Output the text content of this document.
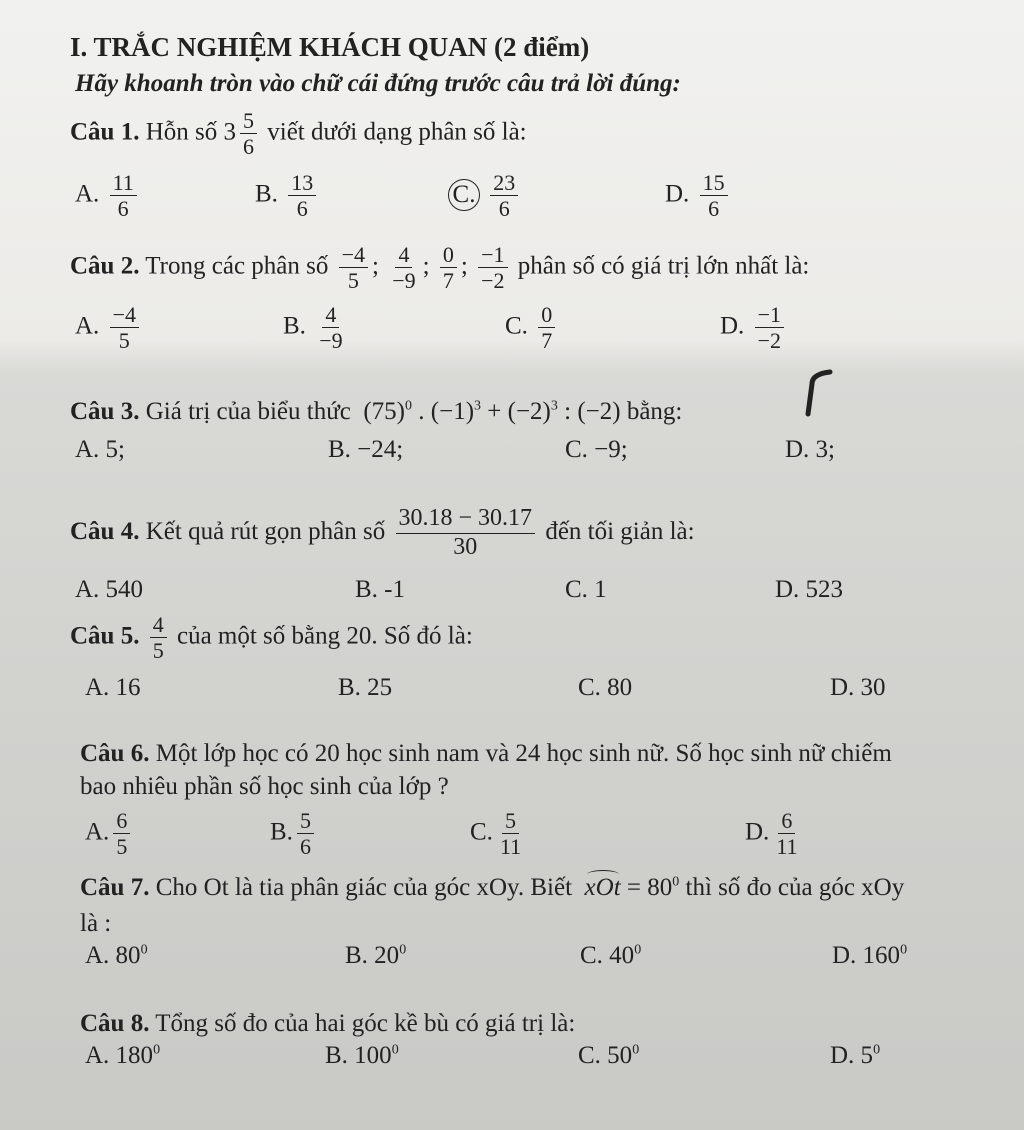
I. TRẮC NGHIỆM KHÁCH QUAN (2 điểm)
Hãy khoanh tròn vào chữ cái đứng trước câu trả lời đúng:
Câu 1. Hỗn số $3 \frac{5}{6}$ viết dưới dạng phân số là:
A. $\frac{11}{6}$	B. $\frac{13}{6}$	C. $\frac{23}{6}$	D. $\frac{15}{6}$
Câu 2. Trong các phân số $\frac{-4}{5}$ ; $\frac{4}{-9}$ ; $\frac{0}{7}$ ; $\frac{-1}{-2}$ phân số có giá trị lớn nhất là:
A. $\frac{-4}{5}$	B. $\frac{4}{-9}$	C. $\frac{0}{7}$	D. $\frac{-1}{-2}$
Câu 3. Giá trị của biểu thức $(75)^0$ . $(-1)^3 + (-2)^3$ : (−2) bằng:
A. 5;	B. −24;	C. −9;	D. 3;
Câu 4. Kết quả rút gọn phân số $\frac{30.18 - 30.17}{30}$ đến tối giản là:
A. 540	B. -1	C. 1	D. 523
Câu 5. $\frac{4}{5}$ của một số bằng 20. Số đó là:
A. 16	B. 25	C. 80	D. 30
Câu 6. Một lớp học có 20 học sinh nam và 24 học sinh nữ. Số học sinh nữ chiếm
bao nhiêu phần số học sinh của lớp ?
A. $\frac{6}{5}$	B. $\frac{5}{6}$	C. $\frac{5}{11}$	D. $\frac{6}{11}$
Câu 7. Cho Ot là tia phân giác của góc xOy. Biết xOt = $80^0$ thì số đo của góc xOy
là :
A. $80^0$	B. $20^0$	C. $40^0$	D. $160^0$
Câu 8. Tổng số đo của hai góc kề bù có giá trị là:
A. $180^0$	B. $100^0$	C. $50^0$	D. $5^0$
